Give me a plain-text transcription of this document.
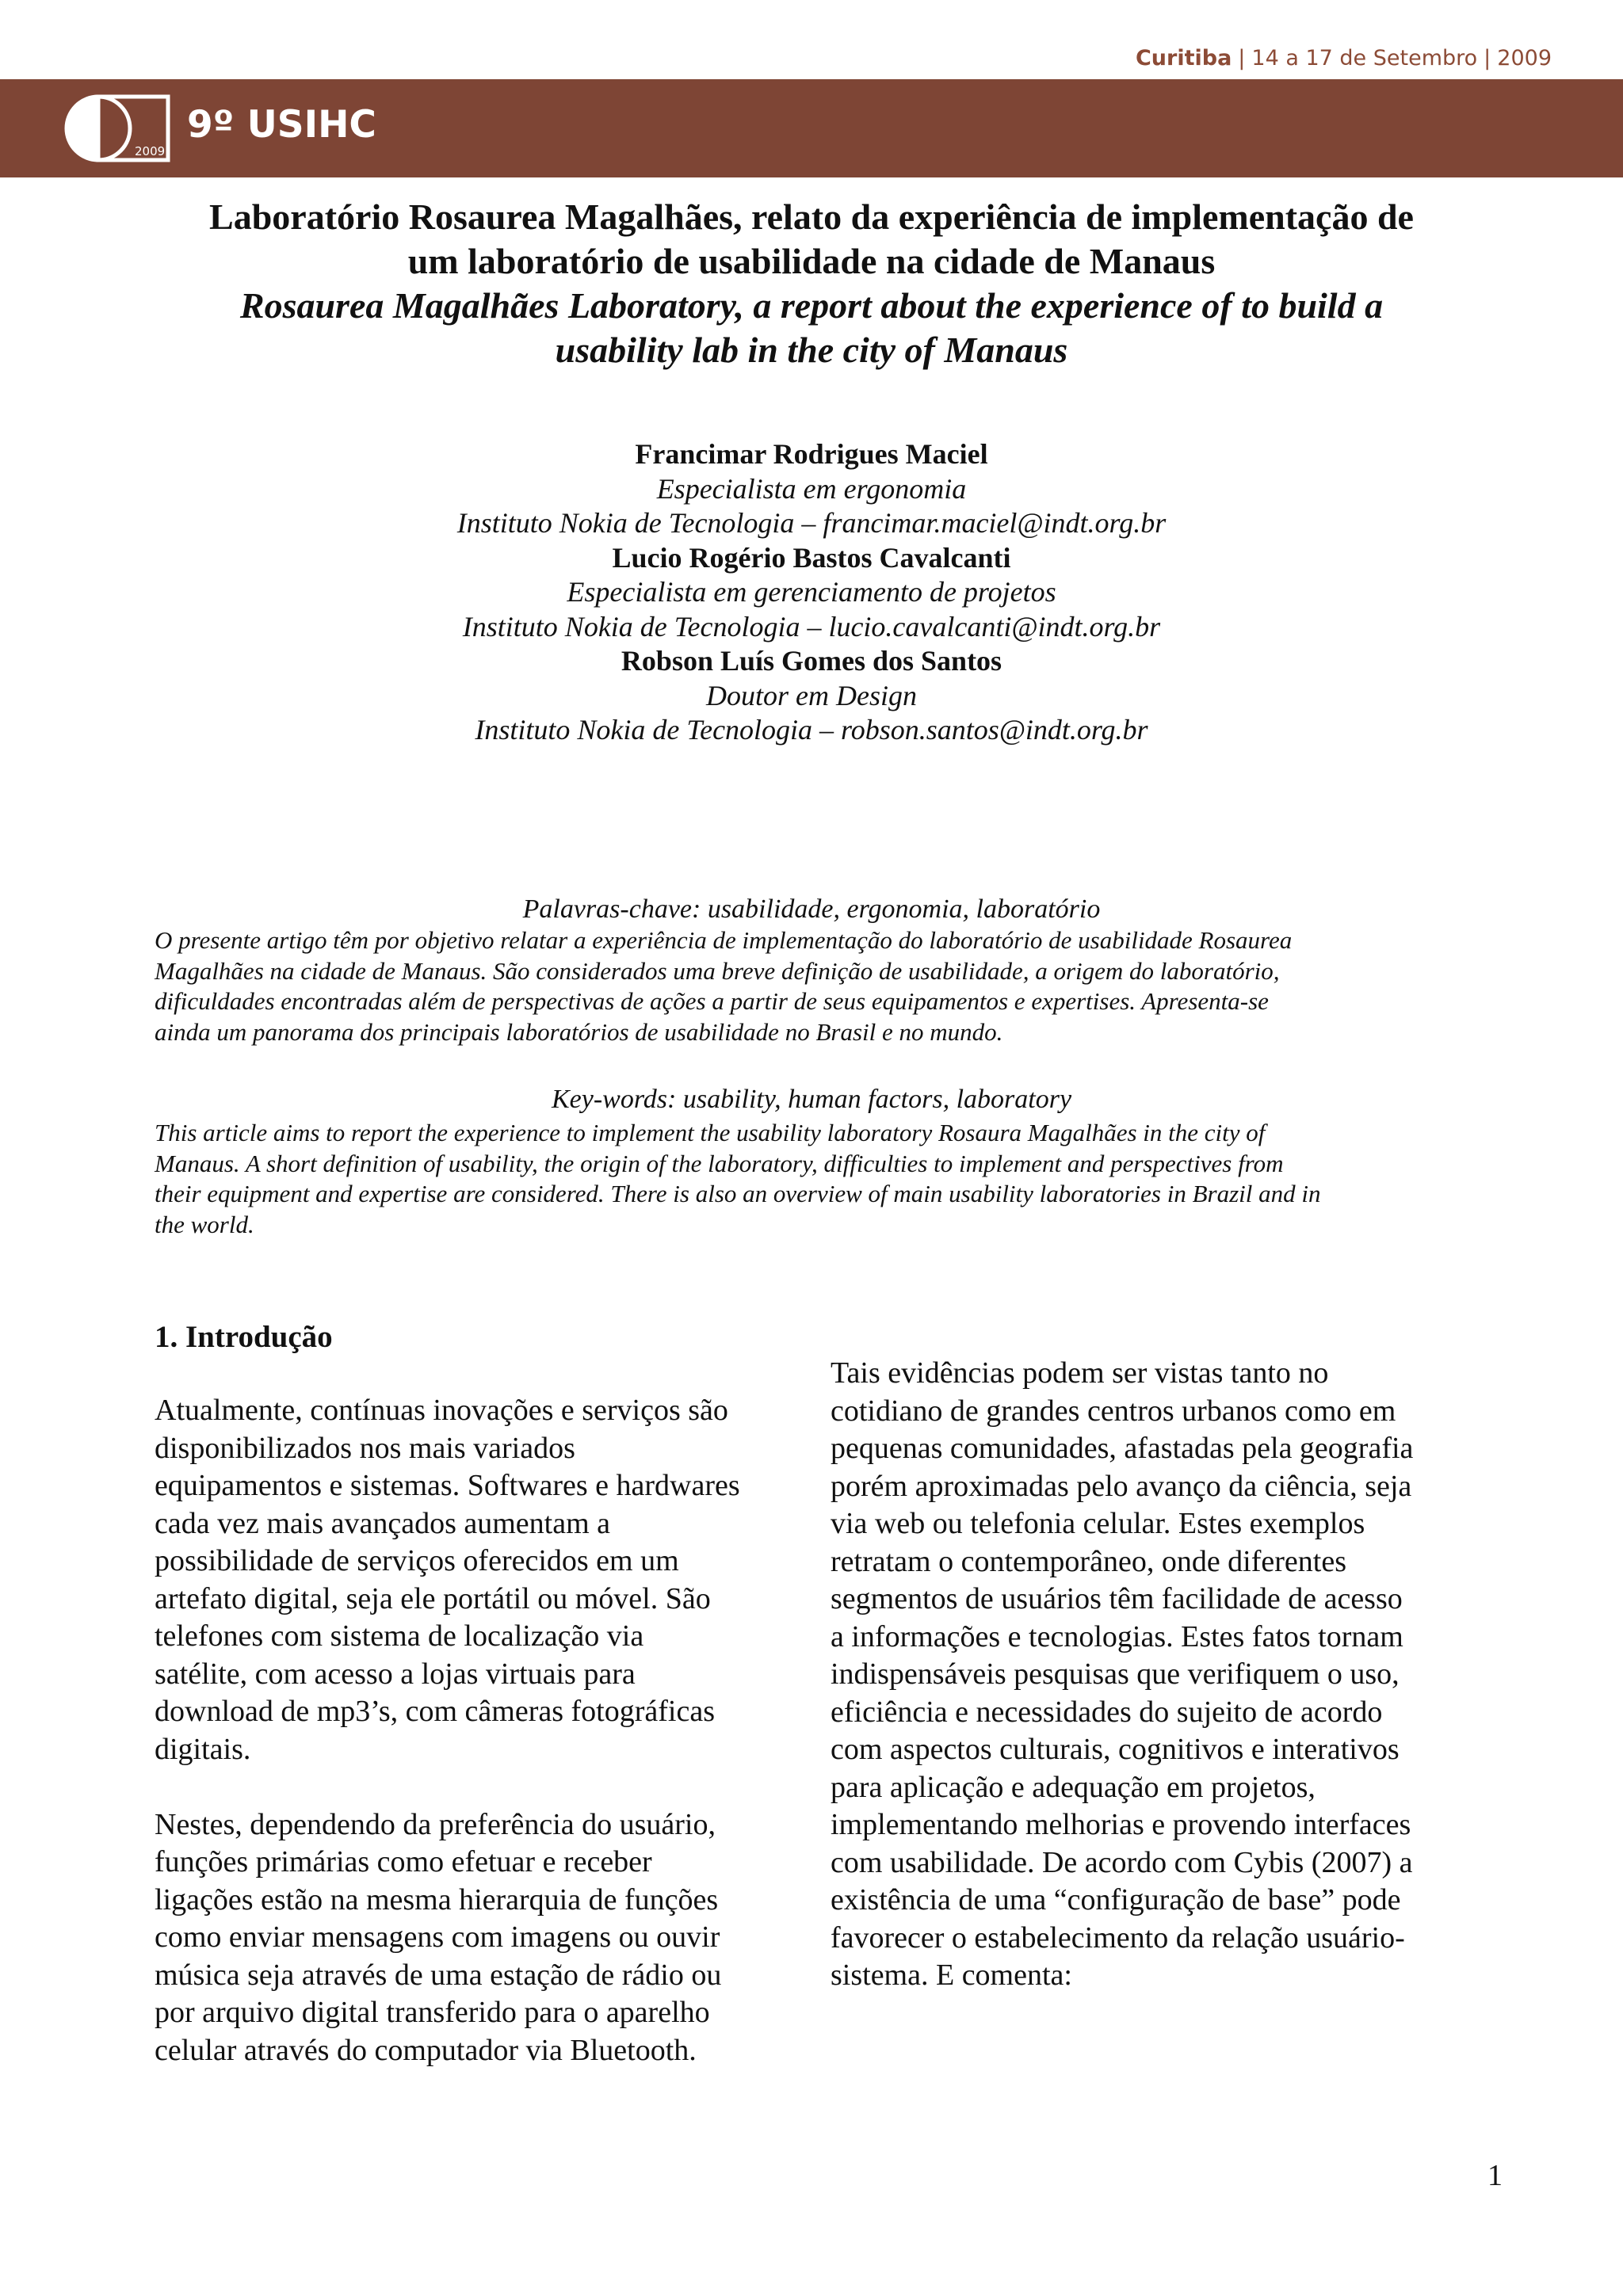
Curitiba | 14 a 17 de Setembro | 2009
2009
9º USIHC
Laboratório Rosaurea Magalhães, relato da experiência de implementação de
um laboratório de usabilidade na cidade de Manaus
Rosaurea Magalhães Laboratory, a report about the experience of to build a
usability lab in the city of Manaus
Francimar Rodrigues Maciel
Especialista em ergonomia
Instituto Nokia de Tecnologia – francimar.maciel@indt.org.br
Lucio Rogério Bastos Cavalcanti
Especialista em gerenciamento de projetos
Instituto Nokia de Tecnologia – lucio.cavalcanti@indt.org.br
Robson Luís Gomes dos Santos
Doutor em Design
Instituto Nokia de Tecnologia – robson.santos@indt.org.br
Palavras-chave: usabilidade, ergonomia, laboratório
O presente artigo têm por objetivo relatar a experiência de implementação do laboratório de usabilidade Rosaurea
Magalhães na cidade de Manaus. São considerados uma breve definição de usabilidade, a origem do laboratório,
dificuldades encontradas além de perspectivas de ações a partir de seus equipamentos e expertises. Apresenta-se
ainda um panorama dos principais laboratórios de usabilidade no Brasil e no mundo.
Key-words: usability, human factors, laboratory
This article aims to report the experience to implement the usability laboratory Rosaura Magalhães in the city of
Manaus. A short definition of usability, the origin of the laboratory, difficulties to implement and perspectives from
their equipment and expertise are considered. There is also an overview of main usability laboratories in Brazil and in
the world.
1. Introdução

Atualmente, contínuas inovações e serviços são
disponibilizados nos mais variados
equipamentos e sistemas. Softwares e hardwares
cada vez mais avançados aumentam a
possibilidade de serviços oferecidos em um
artefato digital, seja ele portátil ou móvel. São
telefones com sistema de localização via
satélite, com acesso a lojas virtuais para
download de mp3’s, com câmeras fotográficas
digitais.

Nestes, dependendo da preferência do usuário,
funções primárias como efetuar e receber
ligações estão na mesma hierarquia de funções
como enviar mensagens com imagens ou ouvir
música seja através de uma estação de rádio ou
por arquivo digital transferido para o aparelho
celular através do computador via Bluetooth.

Tais evidências podem ser vistas tanto no
cotidiano de grandes centros urbanos como em
pequenas comunidades, afastadas pela geografia
porém aproximadas pelo avanço da ciência, seja
via web ou telefonia celular. Estes exemplos
retratam o contemporâneo, onde diferentes
segmentos de usuários têm facilidade de acesso
a informações e tecnologias. Estes fatos tornam
indispensáveis pesquisas que verifiquem o uso,
eficiência e necessidades do sujeito de acordo
com aspectos culturais, cognitivos e interativos
para aplicação e adequação em projetos,
implementando melhorias e provendo interfaces
com usabilidade. De acordo com Cybis (2007) a
existência de uma “configuração de base” pode
favorecer o estabelecimento da relação usuário-
sistema. E comenta:

1
